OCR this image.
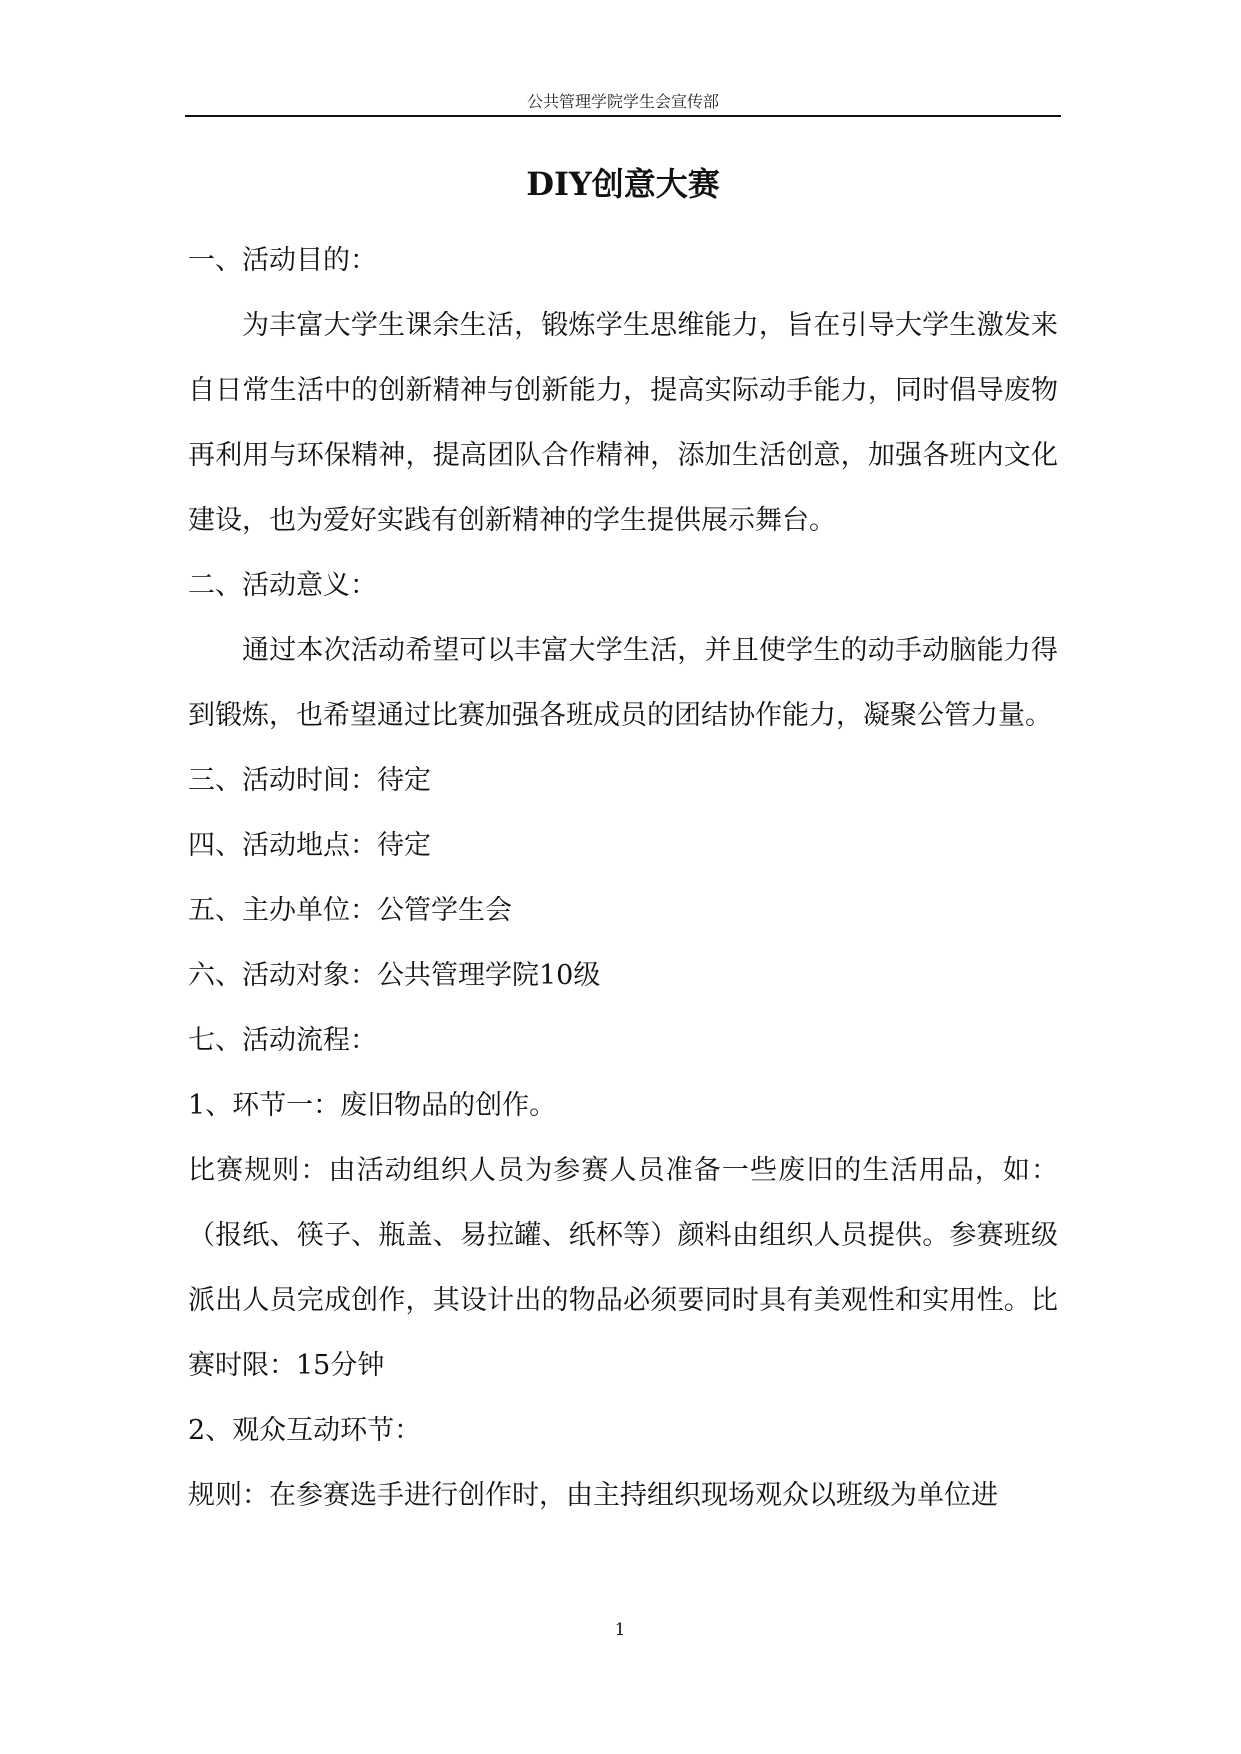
公共管理学院学生会宣传部
DIY创意大赛

一、活动目的：

为丰富大学生课余生活，锻炼学生思维能力，旨在引导大学生激发来自日常生活中的创新精神与创新能力，提高实际动手能力，同时倡导废物再利用与环保精神，提高团队合作精神，添加生活创意，加强各班内文化建设，也为爱好实践有创新精神的学生提供展示舞台。

二、活动意义：

通过本次活动希望可以丰富大学生活，并且使学生的动手动脑能力得到锻炼，也希望通过比赛加强各班成员的团结协作能力，凝聚公管力量。

三、活动时间：待定

四、活动地点：待定

五、主办单位：公管学生会

六、活动对象：公共管理学院10级

七、活动流程：

1、环节一：废旧物品的创作。

比赛规则：由活动组织人员为参赛人员准备一些废旧的生活用品，如：（报纸、筷子、瓶盖、易拉罐、纸杯等）颜料由组织人员提供。参赛班级派出人员完成创作，其设计出的物品必须要同时具有美观性和实用性。比赛时限：15分钟

2、观众互动环节：

规则：在参赛选手进行创作时，由主持组织现场观众以班级为单位进

1
